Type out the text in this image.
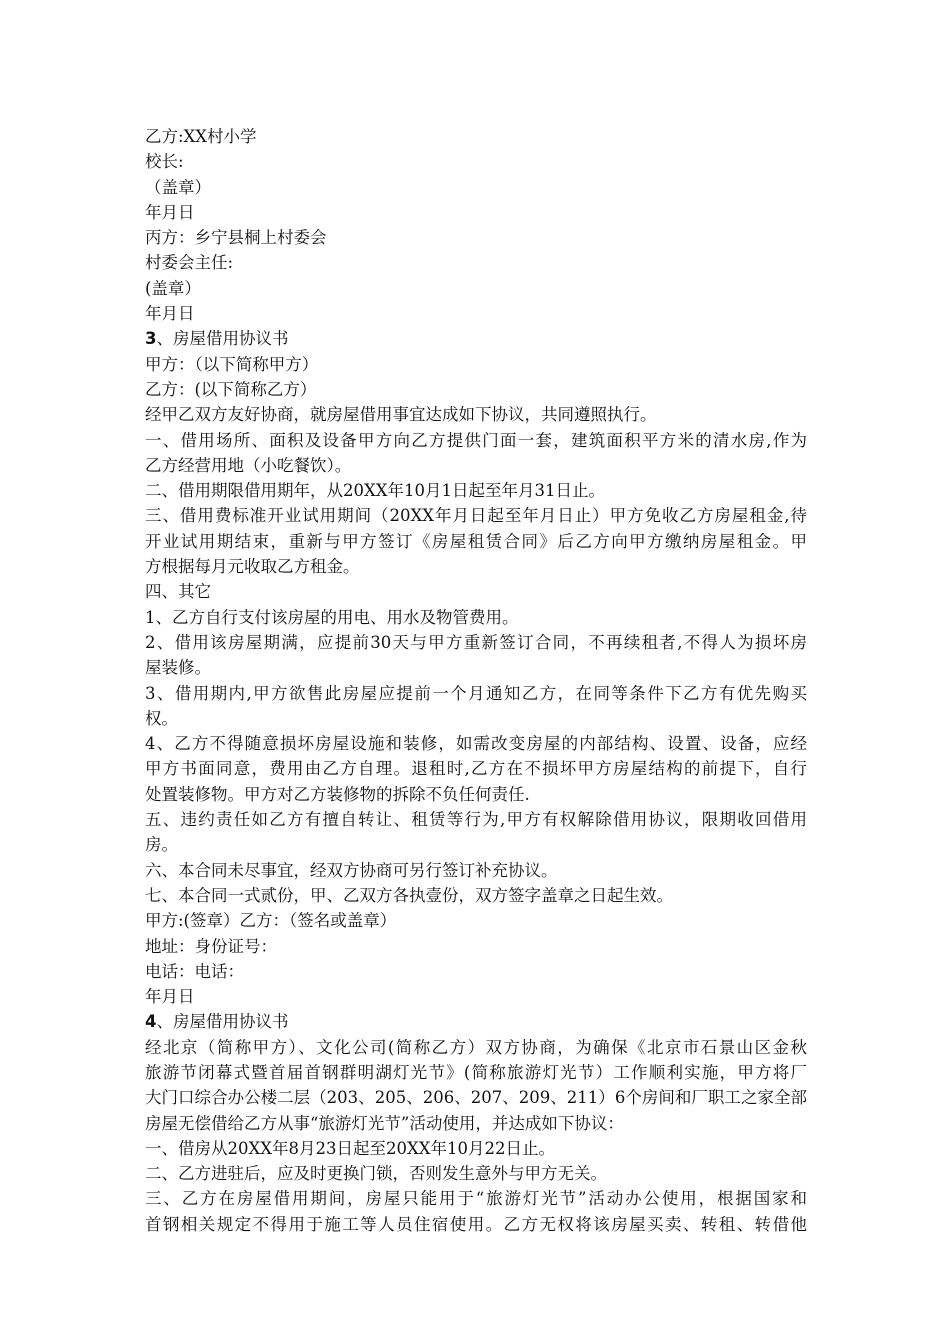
乙方:XX村小学
校长:
（盖章）
年月日
丙方：乡宁县桐上村委会
村委会主任:
(盖章）
年月日
3、房屋借用协议书
甲方：（以下简称甲方）
乙方：(以下简称乙方）
经甲乙双方友好协商，就房屋借用事宜达成如下协议，共同遵照执行。
一、借用场所、面积及设备甲方向乙方提供门面一套，建筑面积平方米的清水房,作为
乙方经营用地（小吃餐饮）。
二、借用期限借用期年，从20XX年10月1日起至年月31日止。
三、借用费标准开业试用期间（20XX年月日起至年月日止）甲方免收乙方房屋租金,待
开业试用期结束，重新与甲方签订《房屋租赁合同》后乙方向甲方缴纳房屋租金。甲
方根据每月元收取乙方租金。
四、其它
1、乙方自行支付该房屋的用电、用水及物管费用。
2、借用该房屋期满，应提前30天与甲方重新签订合同，不再续租者,不得人为损坏房
屋装修。
3、借用期内,甲方欲售此房屋应提前一个月通知乙方，在同等条件下乙方有优先购买
权。
4、乙方不得随意损坏房屋设施和装修，如需改变房屋的内部结构、设置、设备，应经
甲方书面同意，费用由乙方自理。退租时,乙方在不损坏甲方房屋结构的前提下，自行
处置装修物。甲方对乙方装修物的拆除不负任何责任.
五、违约责任如乙方有擅自转让、租赁等行为,甲方有权解除借用协议，限期收回借用
房。
六、本合同未尽事宜，经双方协商可另行签订补充协议。
七、本合同一式贰份，甲、乙双方各执壹份，双方签字盖章之日起生效。
甲方:(签章）乙方：（签名或盖章）
地址：身份证号：
电话：电话：
年月日
4、房屋借用协议书
经北京（简称甲方）、文化公司(简称乙方）双方协商，为确保《北京市石景山区金秋
旅游节闭幕式暨首届首钢群明湖灯光节》(简称旅游灯光节）工作顺利实施，甲方将厂
大门口综合办公楼二层（203、205、206、207、209、211）6个房间和厂职工之家全部
房屋无偿借给乙方从事“旅游灯光节”活动使用，并达成如下协议：
一、借房从20XX年8月23日起至20XX年10月22日止。
二、乙方进驻后，应及时更换门锁，否则发生意外与甲方无关。
三、乙方在房屋借用期间，房屋只能用于“旅游灯光节”活动办公使用，根据国家和
首钢相关规定不得用于施工等人员住宿使用。乙方无权将该房屋买卖、转租、转借他
